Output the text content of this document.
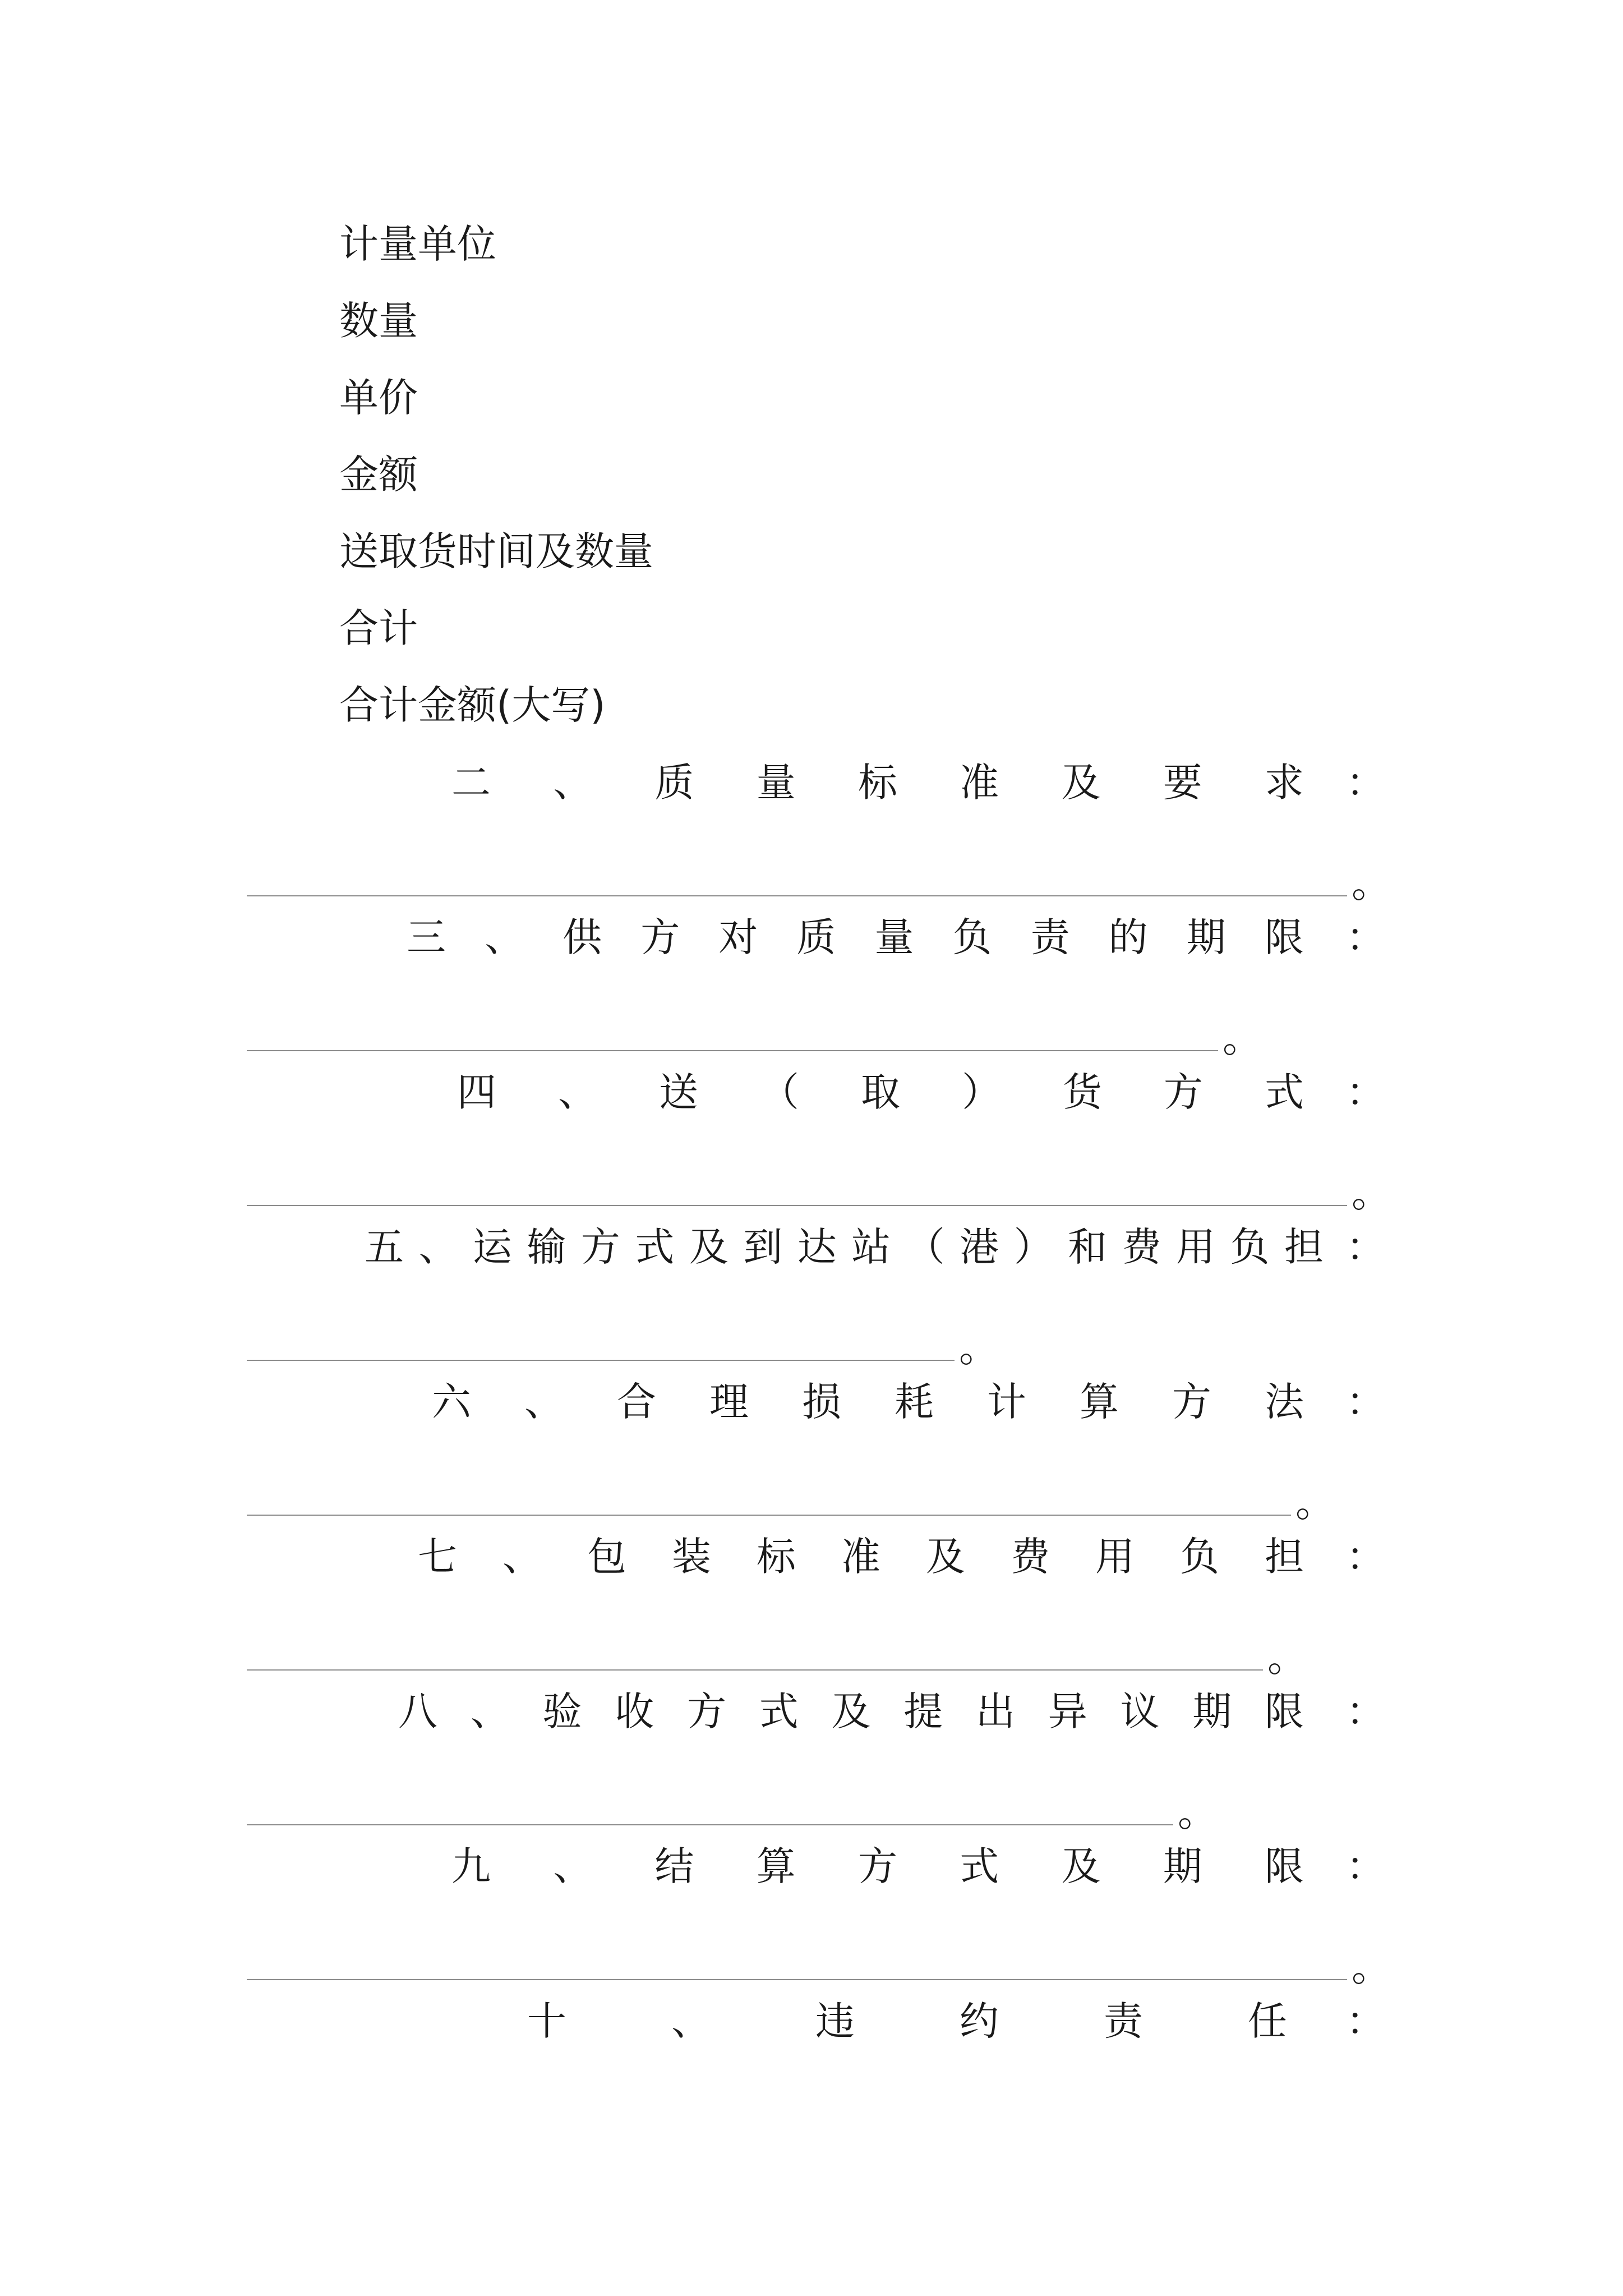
计量单位
数量
单价
金额
送取货时间及数量
合计
合计金额(大写)
二 、 质 量 标 准 及 要 求 ：
。
三 、 供 方 对 质 量 负 责 的 期 限 ：
。
四 、 送 （ 取 ） 货 方 式 ：
。
五 、 运 输 方 式 及 到 达 站 （ 港 ） 和 费 用 负 担 ：
。
六 、 合 理 损 耗 计 算 方 法 ：
。
七 、 包 装 标 准 及 费 用 负 担 ：
。
八 、 验 收 方 式 及 提 出 异 议 期 限 ：
。
九 、 结 算 方 式 及 期 限 ：
。
十	、	违	约	责	任 ：
